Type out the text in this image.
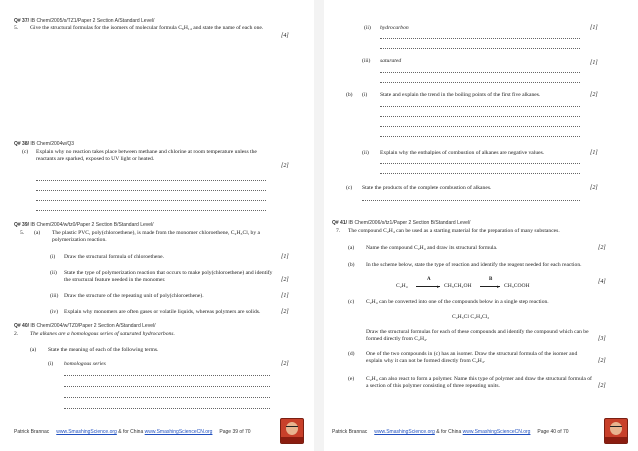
Q# 37/ IB Chem/2005/s/TZ1/Paper 2 Section A/Standard Level/
5. Give the structural formulas for the isomers of molecular formula C₆H₁₄ and state the name of each one.
[4]
Q# 38/ IB Chem/2004w/Q3
(c) Explain why no reaction takes place between methane and chlorine at room temperature unless the reactants are sparked, exposed to UV light or heated.
[2]
Q# 39/ IB Chem/2004/w/tz0/Paper 2 Section B/Standard Level/
5. (a) The plastic PVC, poly(chloroethene), is made from the monomer chloroethene, C₂H₃Cl, by a polymerization reaction.
(i) Draw the structural formula of chloroethene.	[1]
(ii) State the type of polymerization reaction that occurs to make poly(chloroethene) and identify the structural feature needed in the monomer.	[2]
(iii) Draw the structure of the repeating unit of poly(chloroethene).	[1]
(iv) Explain why monomers are often gases or volatile liquids, whereas polymers are solids.	[2]
Q# 40/ IB Chem/2004/w/TZ0/Paper 2 Section A/Standard Level/
2. The alkanes are a homologous series of saturated hydrocarbons.
(a) State the meaning of each of the following terms.
(i) homologous series	[2]
Patrick Brannac www.SmashingScience.org & for China www.SmashingScienceCN.org Page 39 of 70
(ii) hydrocarbon	[1]
(iii) saturated	[1]
(b) (i) State and explain the trend in the boiling points of the first five alkanes.	[2]
(ii) Explain why the enthalpies of combustion of alkanes are negative values.	[1]
(c) State the products of the complete combustion of alkanes.	[2]
Q# 41/ IB Chem/2006/s/tz1/Paper 2 Section B/Standard Level/
7. The compound C₂H₄ can be used as a starting material for the preparation of many substances.
(a) Name the compound C₂H₄ and draw its structural formula.	[2]
(b) In the scheme below, state the type of reaction and identify the reagent needed for each reaction.
[4]
A	B
C₂H₄	▸ CH₃CH₂OH	▸ CH₃COOH
(c) C₂H₄ can be converted into one of the compounds below in a single step reaction.
C₂H₅Cl C₂H₄Cl₂
Draw the structural formulas for each of these compounds and identify the compound which can be formed directly from C₂H₄.	[3]
(d) One of the two compounds in (c) has an isomer. Draw the structural formula of the isomer and explain why it can not be formed directly from C₂H₄.	[2]
(e) C₂H₄ can also react to form a polymer. Name this type of polymer and draw the structural formula of a section of this polymer consisting of three repeating units.	[2]
Patrick Brannac www.SmashingScience.org & for China www.SmashingScienceCN.org Page 40 of 70
